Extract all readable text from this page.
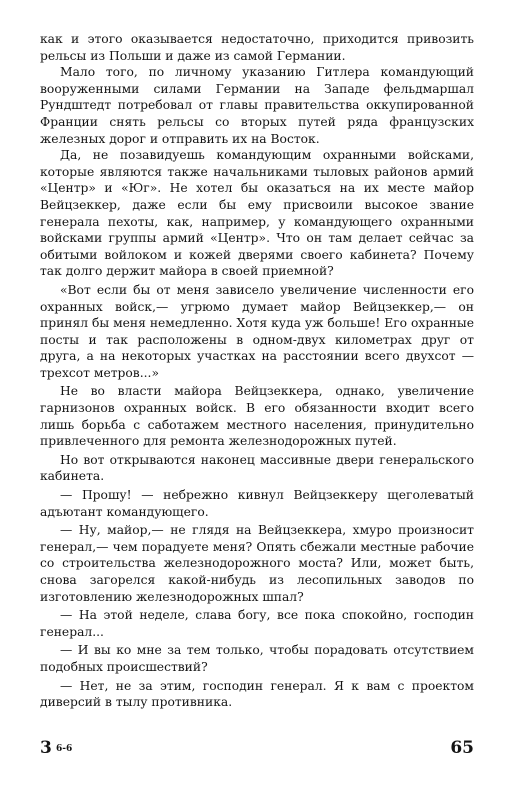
как и этого оказывается недостаточно, приходится привозить рельсы из Польши и даже из самой Германии.

Мало того, по личному указанию Гитлера командующий вооруженными силами Германии на Западе фельдмаршал Рундштедт потребовал от главы правительства оккупированной Франции снять рельсы со вторых путей ряда французских железных дорог и отправить их на Восток.

Да, не позавидуешь командующим охранными войсками, которые являются также начальниками тыловых районов армий «Центр» и «Юг». Не хотел бы оказаться на их месте майор Вейцзеккер, даже если бы ему присвоили высокое звание генерала пехоты, как, например, у командующего охранными войсками группы армий «Центр». Что он там делает сейчас за обитыми войлоком и кожей дверями своего кабинета? Почему так долго держит майора в своей приемной?

«Вот если бы от меня зависело увеличение численности его охранных войск,— угрюмо думает майор Вейцзеккер,— он принял бы меня немедленно. Хотя куда уж больше! Его охранные посты и так расположены в одном-двух километрах друг от друга, а на некоторых участках на расстоянии всего двухсот — трехсот метров...»

Не во власти майора Вейцзеккера, однако, увеличение гарнизонов охранных войск. В его обязанности входит всего лишь борьба с саботажем местного населения, принудительно привлеченного для ремонта железнодорожных путей.

Но вот открываются наконец массивные двери генеральского кабинета.

— Прошу! — небрежно кивнул Вейцзеккеру щеголеватый адъютант командующего.

— Ну, майор,— не глядя на Вейцзеккера, хмуро произносит генерал,— чем порадуете меня? Опять сбежали местные рабочие со строительства железнодорожного моста? Или, может быть, снова загорелся какой-нибудь из лесопильных заводов по изготовлению железнодорожных шпал?

— На этой неделе, слава богу, все пока спокойно, господин генерал...

— И вы ко мне за тем только, чтобы порадовать отсутствием подобных происшествий?

— Нет, не за этим, господин генерал. Я к вам с проектом диверсий в тылу противника.

3 6-6	65
